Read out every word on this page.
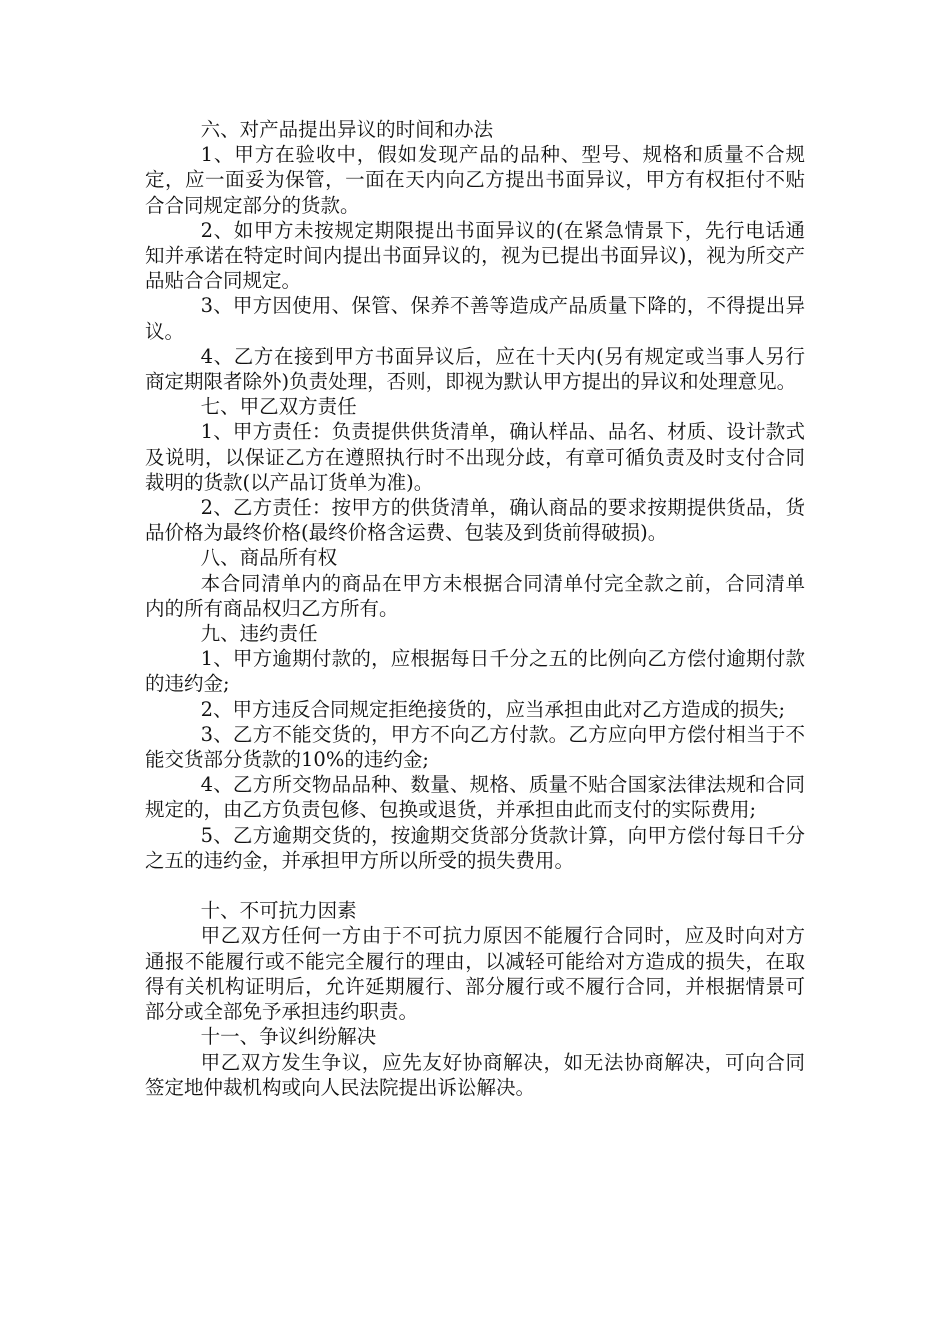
六、对产品提出异议的时间和办法

1、甲方在验收中，假如发现产品的品种、型号、规格和质量不合规定，应一面妥为保管，一面在天内向乙方提出书面异议，甲方有权拒付不贴合合同规定部分的货款。

2、如甲方未按规定期限提出书面异议的(在紧急情景下，先行电话通知并承诺在特定时间内提出书面异议的，视为已提出书面异议)，视为所交产品贴合合同规定。

3、甲方因使用、保管、保养不善等造成产品质量下降的，不得提出异议。

4、乙方在接到甲方书面异议后，应在十天内(另有规定或当事人另行商定期限者除外)负责处理，否则，即视为默认甲方提出的异议和处理意见。

七、甲乙双方责任

1、甲方责任：负责提供供货清单，确认样品、品名、材质、设计款式及说明，以保证乙方在遵照执行时不出现分歧，有章可循负责及时支付合同裁明的货款(以产品订货单为准)。

2、乙方责任：按甲方的供货清单，确认商品的要求按期提供货品，货品价格为最终价格(最终价格含运费、包装及到货前得破损)。

八、商品所有权

本合同清单内的商品在甲方未根据合同清单付完全款之前，合同清单内的所有商品权归乙方所有。

九、违约责任

1、甲方逾期付款的，应根据每日千分之五的比例向乙方偿付逾期付款的违约金;

2、甲方违反合同规定拒绝接货的，应当承担由此对乙方造成的损失;

3、乙方不能交货的，甲方不向乙方付款。乙方应向甲方偿付相当于不能交货部分货款的10%的违约金;

4、乙方所交物品品种、数量、规格、质量不贴合国家法律法规和合同规定的，由乙方负责包修、包换或退货，并承担由此而支付的实际费用;

5、乙方逾期交货的，按逾期交货部分货款计算，向甲方偿付每日千分之五的违约金，并承担甲方所以所受的损失费用。

十、不可抗力因素

甲乙双方任何一方由于不可抗力原因不能履行合同时，应及时向对方通报不能履行或不能完全履行的理由，以减轻可能给对方造成的损失，在取得有关机构证明后，允许延期履行、部分履行或不履行合同，并根据情景可部分或全部免予承担违约职责。

十一、争议纠纷解决

甲乙双方发生争议，应先友好协商解决，如无法协商解决，可向合同签定地仲裁机构或向人民法院提出诉讼解决。
